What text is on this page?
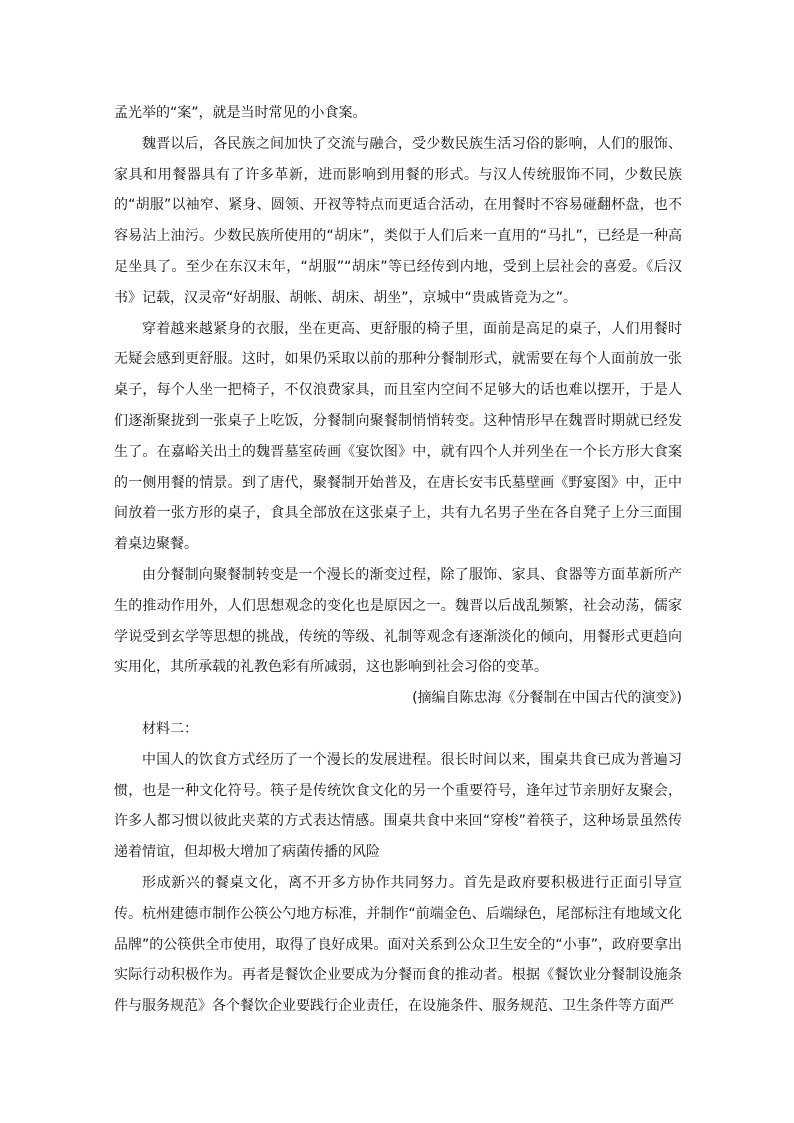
孟光举的“案”，就是当时常见的小食案。

魏晋以后，各民族之间加快了交流与融合，受少数民族生活习俗的影响，人们的服饰、家具和用餐器具有了许多革新，进而影响到用餐的形式。与汉人传统服饰不同，少数民族的“胡服”以袖窄、紧身、圆领、开衩等特点而更适合活动，在用餐时不容易碰翻杯盘，也不容易沾上油污。少数民族所使用的“胡床”，类似于人们后来一直用的“马扎”，已经是一种高足坐具了。至少在东汉末年，“胡服”“胡床”等已经传到内地，受到上层社会的喜爱。《后汉书》记载，汉灵帝“好胡服、胡帐、胡床、胡坐”，京城中“贵戚皆竞为之”。

穿着越来越紧身的衣服，坐在更高、更舒服的椅子里，面前是高足的桌子，人们用餐时无疑会感到更舒服。这时，如果仍采取以前的那种分餐制形式，就需要在每个人面前放一张桌子，每个人坐一把椅子，不仅浪费家具，而且室内空间不足够大的话也难以摆开，于是人们逐渐聚拢到一张桌子上吃饭，分餐制向聚餐制悄悄转变。这种情形早在魏晋时期就已经发生了。在嘉峪关出土的魏晋墓室砖画《宴饮图》中，就有四个人并列坐在一个长方形大食案的一侧用餐的情景。到了唐代，聚餐制开始普及，在唐长安韦氏墓壁画《野宴图》中，正中间放着一张方形的桌子，食具全部放在这张桌子上，共有九名男子坐在各自凳子上分三面围着桌边聚餐。

由分餐制向聚餐制转变是一个漫长的渐变过程，除了服饰、家具、食器等方面革新所产生的推动作用外，人们思想观念的变化也是原因之一。魏晋以后战乱频繁，社会动荡，儒家学说受到玄学等思想的挑战，传统的等级、礼制等观念有逐渐淡化的倾向，用餐形式更趋向实用化，其所承载的礼教色彩有所减弱，这也影响到社会习俗的变革。

(摘编自陈忠海《分餐制在中国古代的演变》)

材料二：

中国人的饮食方式经历了一个漫长的发展进程。很长时间以来，围桌共食已成为普遍习惯，也是一种文化符号。筷子是传统饮食文化的另一个重要符号，逢年过节亲朋好友聚会，许多人都习惯以彼此夹菜的方式表达情感。围桌共食中来回“穿梭”着筷子，这种场景虽然传递着情谊，但却极大增加了病菌传播的风险

形成新兴的餐桌文化，离不开多方协作共同努力。首先是政府要积极进行正面引导宣传。杭州建德市制作公筷公勺地方标准，并制作“前端金色、后端绿色，尾部标注有地域文化品牌”的公筷供全市使用，取得了良好成果。面对关系到公众卫生安全的“小事”，政府要拿出实际行动积极作为。再者是餐饮企业要成为分餐而食的推动者。根据《餐饮业分餐制设施条件与服务规范》各个餐饮企业要践行企业责任，在设施条件、服务规范、卫生条件等方面严
